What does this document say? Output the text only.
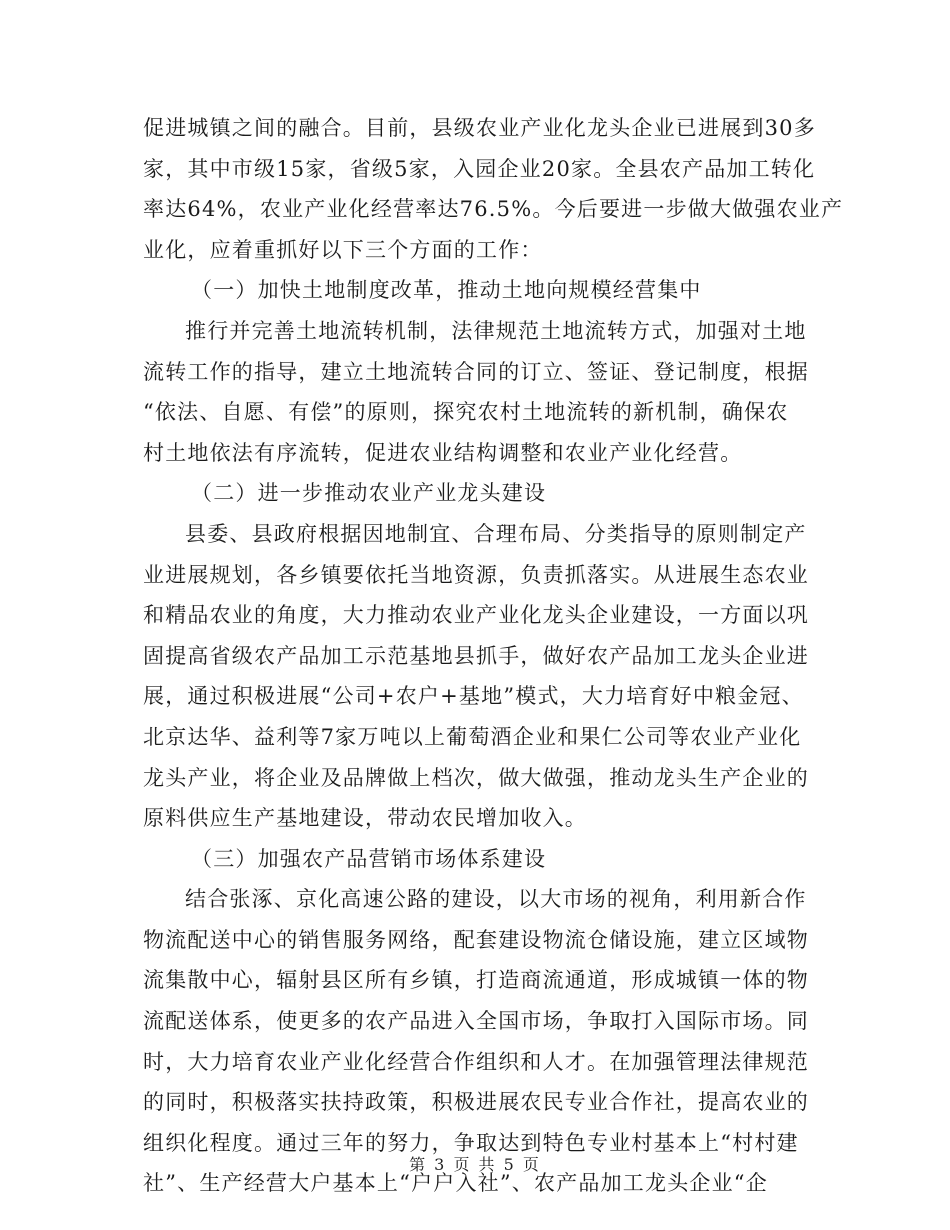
促进城镇之间的融合。目前，县级农业产业化龙头企业已进展到30多
家，其中市级15家，省级5家，入园企业20家。全县农产品加工转化
率达64%，农业产业化经营率达76.5%。今后要进一步做大做强农业产
业化，应着重抓好以下三个方面的工作：
（一）加快土地制度改革，推动土地向规模经营集中
推行并完善土地流转机制，法律规范土地流转方式，加强对土地
流转工作的指导，建立土地流转合同的订立、签证、登记制度，根据
“依法、自愿、有偿”的原则，探究农村土地流转的新机制，确保农
村土地依法有序流转，促进农业结构调整和农业产业化经营。
（二）进一步推动农业产业龙头建设
县委、县政府根据因地制宜、合理布局、分类指导的原则制定产
业进展规划，各乡镇要依托当地资源，负责抓落实。从进展生态农业
和精品农业的角度，大力推动农业产业化龙头企业建设，一方面以巩
固提高省级农产品加工示范基地县抓手，做好农产品加工龙头企业进
展，通过积极进展“公司+农户+基地”模式，大力培育好中粮金冠、
北京达华、益利等7家万吨以上葡萄酒企业和果仁公司等农业产业化
龙头产业，将企业及品牌做上档次，做大做强，推动龙头生产企业的
原料供应生产基地建设，带动农民增加收入。
（三）加强农产品营销市场体系建设
结合张涿、京化高速公路的建设，以大市场的视角，利用新合作
物流配送中心的销售服务网络，配套建设物流仓储设施，建立区域物
流集散中心，辐射县区所有乡镇，打造商流通道，形成城镇一体的物
流配送体系，使更多的农产品进入全国市场，争取打入国际市场。同
时，大力培育农业产业化经营合作组织和人才。在加强管理法律规范
的同时，积极落实扶持政策，积极进展农民专业合作社，提高农业的
组织化程度。通过三年的努力，争取达到特色专业村基本上“村村建
社”、生产经营大户基本上“户户入社”、农产品加工龙头企业“企
第 3 页 共 5 页
